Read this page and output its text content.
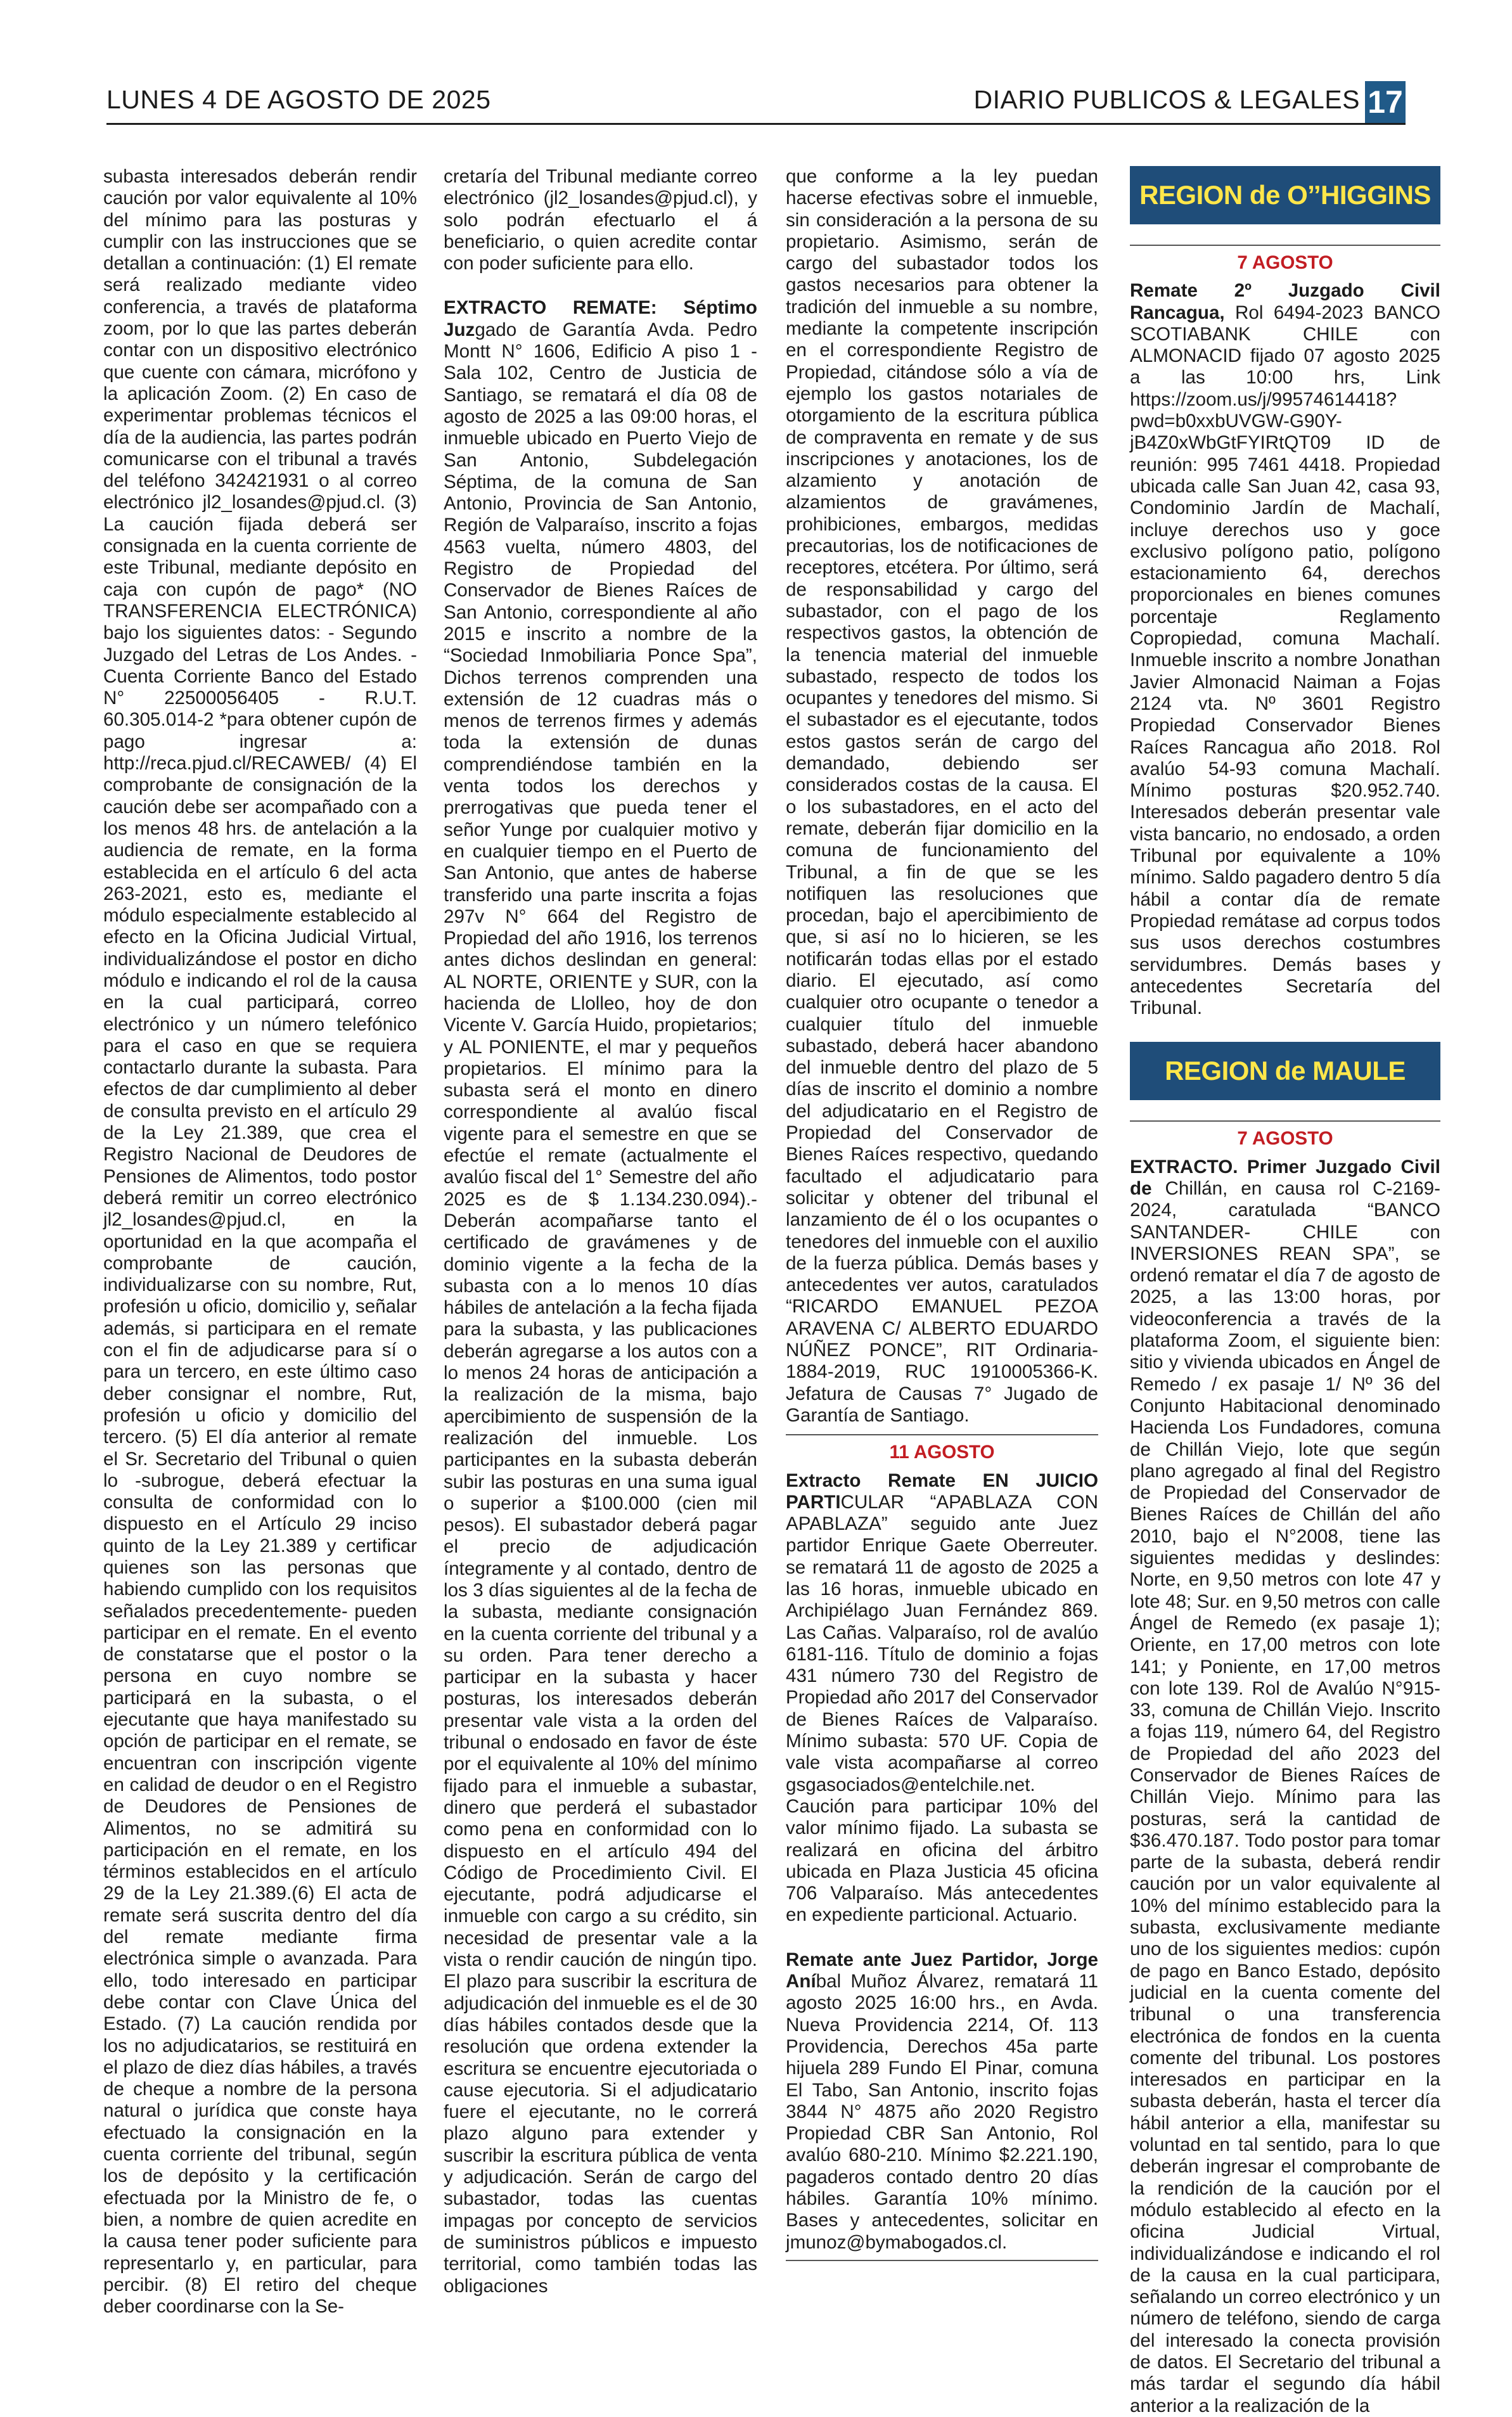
LUNES 4 DE AGOSTO DE 2025	DIARIO PUBLICOS & LEGALES 17

subasta interesados deberán rendir caución por valor equivalente al 10% del mínimo para las posturas y cumplir con las instrucciones que se detallan a continuación: (1) El remate será realizado mediante video conferencia, a través de plataforma zoom, por lo que las partes deberán contar con un dispositivo electrónico que cuente con cámara, micrófono y la aplicación Zoom. (2) En caso de experimentar problemas técnicos el día de la audiencia, las partes podrán comunicarse con el tribunal a través del teléfono 342421931 o al correo electrónico jl2_losandes@pjud.cl. (3) La caución fijada deberá ser consignada en la cuenta corriente de este Tribunal, mediante depósito en caja con cupón de pago* (NO TRANSFERENCIA ELECTRÓNICA) bajo los siguientes datos: - Segundo Juzgado del Letras de Los Andes. - Cuenta Corriente Banco del Estado N° 22500056405 - R.U.T. 60.305.014-2 *para obtener cupón de pago ingresar a: http://reca.pjud.cl/RECAWEB/ (4) El comprobante de consignación de la caución debe ser acompañado con a los menos 48 hrs. de antelación a la audiencia de remate, en la forma establecida en el artículo 6 del acta 263-2021, esto es, mediante el módulo especialmente establecido al efecto en la Oficina Judicial Virtual, individualizándose el postor en dicho módulo e indicando el rol de la causa en la cual participará, correo electrónico y un número telefónico para el caso en que se requiera contactarlo durante la subasta. Para efectos de dar cumplimiento al deber de consulta previsto en el artículo 29 de la Ley 21.389, que crea el Registro Nacional de Deudores de Pensiones de Alimentos, todo postor deberá remitir un correo electrónico jl2_losandes@pjud.cl, en la oportunidad en la que acompaña el comprobante de caución, individualizarse con su nombre, Rut, profesión u oficio, domicilio y, señalar además, si participara en el remate con el fin de adjudicarse para sí o para un tercero, en este último caso deber consignar el nombre, Rut, profesión u oficio y domicilio del tercero. (5) El día anterior al remate el Sr. Secretario del Tribunal o quien lo -subrogue, deberá efectuar la consulta de conformidad con lo dispuesto en el Artículo 29 inciso quinto de la Ley 21.389 y certificar quienes son las personas que habiendo cumplido con los requisitos señalados precedentemente- pueden participar en el remate. En el evento de constatarse que el postor o la persona en cuyo nombre se participará en la subasta, o el ejecutante que haya manifestado su opción de participar en el remate, se encuentran con inscripción vigente en calidad de deudor o en el Registro de Deudores de Pensiones de Alimentos, no se admitirá su participación en el remate, en los términos establecidos en el artículo 29 de la Ley 21.389.(6) El acta de remate será suscrita dentro del día del remate mediante firma electrónica simple o avanzada. Para ello, todo interesado en participar debe contar con Clave Única del Estado. (7) La caución rendida por los no adjudicatarios, se restituirá en el plazo de diez días hábiles, a través de cheque a nombre de la persona natural o jurídica que conste haya efectuado la consignación en la cuenta corriente del tribunal, según los de depósito y la certificación efectuada por la Ministro de fe, o bien, a nombre de quien acredite en la causa tener poder suficiente para representarlo y, en particular, para percibir. (8) El retiro del cheque deber coordinarse con la Se-

cretaría del Tribunal mediante correo electrónico (jl2_losandes@pjud.cl), y solo podrán efectuarlo el á beneficiario, o quien acredite contar con poder suficiente para ello.

EXTRACTO REMATE: Séptimo Juzgado de Garantía Avda. Pedro Montt N° 1606, Edificio A piso 1 - Sala 102, Centro de Justicia de Santiago, se rematará el día 08 de agosto de 2025 a las 09:00 horas, el inmueble ubicado en Puerto Viejo de San Antonio, Subdelegación Séptima, de la comuna de San Antonio, Provincia de San Antonio, Región de Valparaíso, inscrito a fojas 4563 vuelta, número 4803, del Registro de Propiedad del Conservador de Bienes Raíces de San Antonio, correspondiente al año 2015 e inscrito a nombre de la “Sociedad Inmobiliaria Ponce Spa”, Dichos terrenos comprenden una extensión de 12 cuadras más o menos de terrenos firmes y además toda la extensión de dunas comprendiéndose también en la venta todos los derechos y prerrogativas que pueda tener el señor Yunge por cualquier motivo y en cualquier tiempo en el Puerto de San Antonio, que antes de haberse transferido una parte inscrita a fojas 297v N° 664 del Registro de Propiedad del año 1916, los terrenos antes dichos deslindan en general: AL NORTE, ORIENTE y SUR, con la hacienda de Llolleo, hoy de don Vicente V. García Huido, propietarios; y AL PONIENTE, el mar y pequeños propietarios. El mínimo para la subasta será el monto en dinero correspondiente al avalúo fiscal vigente para el semestre en que se efectúe el remate (actualmente el avalúo fiscal del 1° Semestre del año 2025 es de $ 1.134.230.094).- Deberán acompañarse tanto el certificado de gravámenes y de dominio vigente a la fecha de la subasta con a lo menos 10 días hábiles de antelación a la fecha fijada para la subasta, y las publicaciones deberán agregarse a los autos con a lo menos 24 horas de anticipación a la realización de la misma, bajo apercibimiento de suspensión de la realización del inmueble. Los participantes en la subasta deberán subir las posturas en una suma igual o superior a $100.000 (cien mil pesos). El subastador deberá pagar el precio de adjudicación íntegramente y al contado, dentro de los 3 días siguientes al de la fecha de la subasta, mediante consignación en la cuenta corriente del tribunal y a su orden. Para tener derecho a participar en la subasta y hacer posturas, los interesados deberán presentar vale vista a la orden del tribunal o endosado en favor de éste por el equivalente al 10% del mínimo fijado para el inmueble a subastar, dinero que perderá el subastador como pena en conformidad con lo dispuesto en el artículo 494 del Código de Procedimiento Civil. El ejecutante, podrá adjudicarse el inmueble con cargo a su crédito, sin necesidad de presentar vale a la vista o rendir caución de ningún tipo. El plazo para suscribir la escritura de adjudicación del inmueble es el de 30 días hábiles contados desde que la resolución que ordena extender la escritura se encuentre ejecutoriada o cause ejecutoria. Si el adjudicatario fuere el ejecutante, no le correrá plazo alguno para extender y suscribir la escritura pública de venta y adjudicación. Serán de cargo del subastador, todas las cuentas impagas por concepto de servicios de suministros públicos e impuesto territorial, como también todas las obligaciones

que conforme a la ley puedan hacerse efectivas sobre el inmueble, sin consideración a la persona de su propietario. Asimismo, serán de cargo del subastador todos los gastos necesarios para obtener la tradición del inmueble a su nombre, mediante la competente inscripción en el correspondiente Registro de Propiedad, citándose sólo a vía de ejemplo los gastos notariales de otorgamiento de la escritura pública de compraventa en remate y de sus inscripciones y anotaciones, los de alzamiento y anotación de alzamientos de gravámenes, prohibiciones, embargos, medidas precautorias, los de notificaciones de receptores, etcétera. Por último, será de responsabilidad y cargo del subastador, con el pago de los respectivos gastos, la obtención de la tenencia material del inmueble subastado, respecto de todos los ocupantes y tenedores del mismo. Si el subastador es el ejecutante, todos estos gastos serán de cargo del demandado, debiendo ser considerados costas de la causa. El o los subastadores, en el acto del remate, deberán fijar domicilio en la comuna de funcionamiento del Tribunal, a fin de que se les notifiquen las resoluciones que procedan, bajo el apercibimiento de que, si así no lo hicieren, se les notificarán todas ellas por el estado diario. El ejecutado, así como cualquier otro ocupante o tenedor a cualquier título del inmueble subastado, deberá hacer abandono del inmueble dentro del plazo de 5 días de inscrito el dominio a nombre del adjudicatario en el Registro de Propiedad del Conservador de Bienes Raíces respectivo, quedando facultado el adjudicatario para solicitar y obtener del tribunal el lanzamiento de él o los ocupantes o tenedores del inmueble con el auxilio de la fuerza pública. Demás bases y antecedentes ver autos, caratulados “RICARDO EMANUEL PEZOA ARAVENA C/ ALBERTO EDUARDO NÚÑEZ PONCE”, RIT Ordinaria-1884-2019, RUC 1910005366-K. Jefatura de Causas 7° Jugado de Garantía de Santiago.

11 AGOSTO

Extracto Remate EN JUICIO PARTICULAR “APABLAZA CON APABLAZA” seguido ante Juez partidor Enrique Gaete Oberreuter. se rematará 11 de agosto de 2025 a las 16 horas, inmueble ubicado en Archipiélago Juan Fernández 869. Las Cañas. Valparaíso, rol de avalúo 6181-116. Título de dominio a fojas 431 número 730 del Registro de Propiedad año 2017 del Conservador de Bienes Raíces de Valparaíso. Mínimo subasta: 570 UF. Copia de vale vista acompañarse al correo gsgasociados@entelchile.net. Caución para participar 10% del valor mínimo fijado. La subasta se realizará en oficina del árbitro ubicada en Plaza Justicia 45 oficina 706 Valparaíso. Más antecedentes en expediente particional. Actuario.

Remate ante Juez Partidor, Jorge Aníbal Muñoz Álvarez, rematará 11 agosto 2025 16:00 hrs., en Avda. Nueva Providencia 2214, Of. 113 Providencia, Derechos 45a parte hijuela 289 Fundo El Pinar, comuna El Tabo, San Antonio, inscrito fojas 3844 N° 4875 año 2020 Registro Propiedad CBR San Antonio, Rol avalúo 680-210. Mínimo $2.221.190, pagaderos contado dentro 20 días hábiles. Garantía 10% mínimo. Bases y antecedentes, solicitar en jmunoz@bymabogados.cl.

REGION de O’’HIGGINS
7 AGOSTO

Remate 2º Juzgado Civil Rancagua, Rol 6494-2023 BANCO SCOTIABANK CHILE con ALMONACID fijado 07 agosto 2025 a las 10:00 hrs, Link https://zoom.us/j/99574614418?pwd=b0xxbUVGW-G90Y-jB4Z0xWbGtFYIRtQT09 ID de reunión: 995 7461 4418. Propiedad ubicada calle San Juan 42, casa 93, Condominio Jardín de Machalí, incluye derechos uso y goce exclusivo polígono patio, polígono estacionamiento 64, derechos proporcionales en bienes comunes porcentaje Reglamento Copropiedad, comuna Machalí. Inmueble inscrito a nombre Jonathan Javier Almonacid Naiman a Fojas 2124 vta. Nº 3601 Registro Propiedad Conservador Bienes Raíces Rancagua año 2018. Rol avalúo 54-93 comuna Machalí. Mínimo posturas $20.952.740. Interesados deberán presentar vale vista bancario, no endosado, a orden Tribunal por equivalente a 10% mínimo. Saldo pagadero dentro 5 día hábil a contar día de remate Propiedad remátase ad corpus todos sus usos derechos costumbres servidumbres. Demás bases y antecedentes Secretaría del Tribunal.

REGION de MAULE
7 AGOSTO

EXTRACTO. Primer Juzgado Civil de Chillán, en causa rol C-2169-2024, caratulada “BANCO SANTANDER- CHILE con INVERSIONES REAN SPA”, se ordenó rematar el día 7 de agosto de 2025, a las 13:00 horas, por videoconferencia a través de la plataforma Zoom, el siguiente bien: sitio y vivienda ubicados en Ángel de Remedo / ex pasaje 1/ Nº 36 del Conjunto Habitacional denominado Hacienda Los Fundadores, comuna de Chillán Viejo, lote que según plano agregado al final del Registro de Propiedad del Conservador de Bienes Raíces de Chillán del año 2010, bajo el N°2008, tiene las siguientes medidas y deslindes: Norte, en 9,50 metros con lote 47 y lote 48; Sur. en 9,50 metros con calle Ángel de Remedo (ex pasaje 1); Oriente, en 17,00 metros con lote 141; y Poniente, en 17,00 metros con lote 139. Rol de Avalúo N°915-33, comuna de Chillán Viejo. Inscrito a fojas 119, número 64, del Registro de Propiedad del año 2023 del Conservador de Bienes Raíces de Chillán Viejo. Mínimo para las posturas, será la cantidad de $36.470.187. Todo postor para tomar parte de la subasta, deberá rendir caución por un valor equivalente al 10% del mínimo establecido para la subasta, exclusivamente mediante uno de los siguientes medios: cupón de pago en Banco Estado, depósito judicial en la cuenta comente del tribunal o una transferencia electrónica de fondos en la cuenta comente del tribunal. Los postores interesados en participar en la subasta deberán, hasta el tercer día hábil anterior a ella, manifestar su voluntad en tal sentido, para lo que deberán ingresar el comprobante de la rendición de la caución por el módulo establecido al efecto en la oficina Judicial Virtual, individualizándose e indicando el rol de la causa en la cual participara, señalando un correo electrónico y un número de teléfono, siendo de carga del interesado la conecta provisión de datos. El Secretario del tribunal a más tardar el segundo día hábil anterior a la realización de la
